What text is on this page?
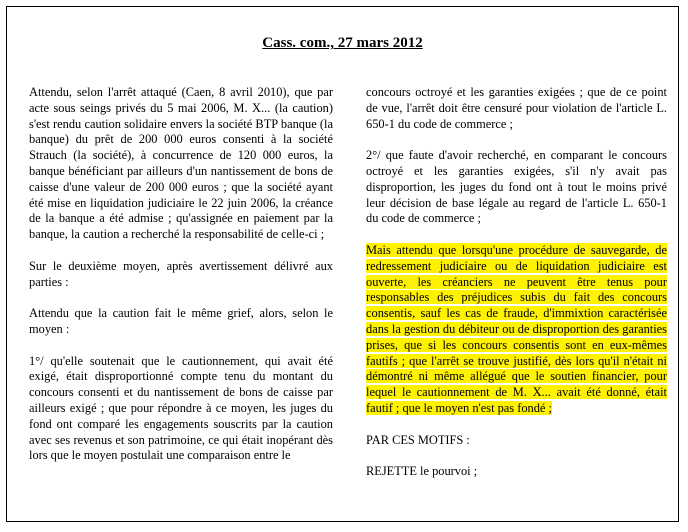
Cass. com., 27 mars 2012

Attendu, selon l'arrêt attaqué (Caen, 8 avril 2010), que par acte sous seings privés du 5 mai 2006, M. X... (la caution) s'est rendu caution solidaire envers la société BTP banque (la banque) du prêt de 200 000 euros consenti à la société Strauch (la société), à concurrence de 120 000 euros, la banque bénéficiant par ailleurs d'un nantissement de bons de caisse d'une valeur de 200 000 euros ; que la société ayant été mise en liquidation judiciaire le 22 juin 2006, la créance de la banque a été admise ; qu'assignée en paiement par la banque, la caution a recherché la responsabilité de celle-ci ;

Sur le deuxième moyen, après avertissement délivré aux parties :

Attendu que la caution fait le même grief, alors, selon le moyen :

1°/ qu'elle soutenait que le cautionnement, qui avait été exigé, était disproportionné compte tenu du montant du concours consenti et du nantissement de bons de caisse par ailleurs exigé ; que pour répondre à ce moyen, les juges du fond ont comparé les engagements souscrits par la caution avec ses revenus et son patrimoine, ce qui était inopérant dès lors que le moyen postulait une comparaison entre le

concours octroyé et les garanties exigées ; que de ce point de vue, l'arrêt doit être censuré pour violation de l'article L. 650-1 du code de commerce ;

2°/ que faute d'avoir recherché, en comparant le concours octroyé et les garanties exigées, s'il n'y avait pas disproportion, les juges du fond ont à tout le moins privé leur décision de base légale au regard de l'article L. 650-1 du code de commerce ;

Mais attendu que lorsqu'une procédure de sauvegarde, de redressement judiciaire ou de liquidation judiciaire est ouverte, les créanciers ne peuvent être tenus pour responsables des préjudices subis du fait des concours consentis, sauf les cas de fraude, d'immixtion caractérisée dans la gestion du débiteur ou de disproportion des garanties prises, que si les concours consentis sont en eux-mêmes fautifs ; que l'arrêt se trouve justifié, dès lors qu'il n'était ni démontré ni même allégué que le soutien financier, pour lequel le cautionnement de M. X... avait été donné, était fautif ; que le moyen n'est pas fondé ;

PAR CES MOTIFS :

REJETTE le pourvoi ;
